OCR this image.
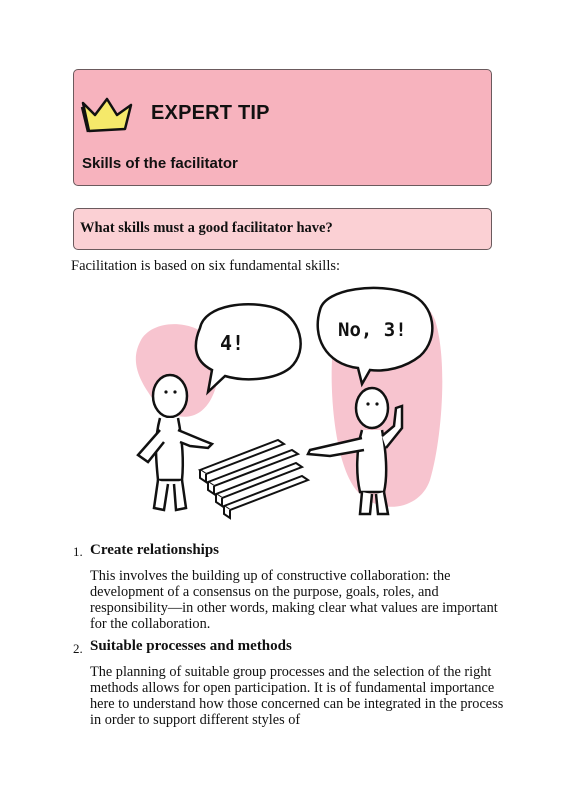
EXPERT TIP
Skills of the facilitator
What skills must a good facilitator have?
Facilitation is based on six fundamental skills:
4!
No, 3!
1. Create relationships
This involves the building up of constructive collaboration: the development of a consensus on the purpose, goals, roles, and responsibility—in other words, making clear what values are important for the collaboration.
2. Suitable processes and methods
The planning of suitable group processes and the selection of the right methods allows for open participation. It is of fundamental importance here to understand how those concerned can be integrated in the process in order to support different styles of
